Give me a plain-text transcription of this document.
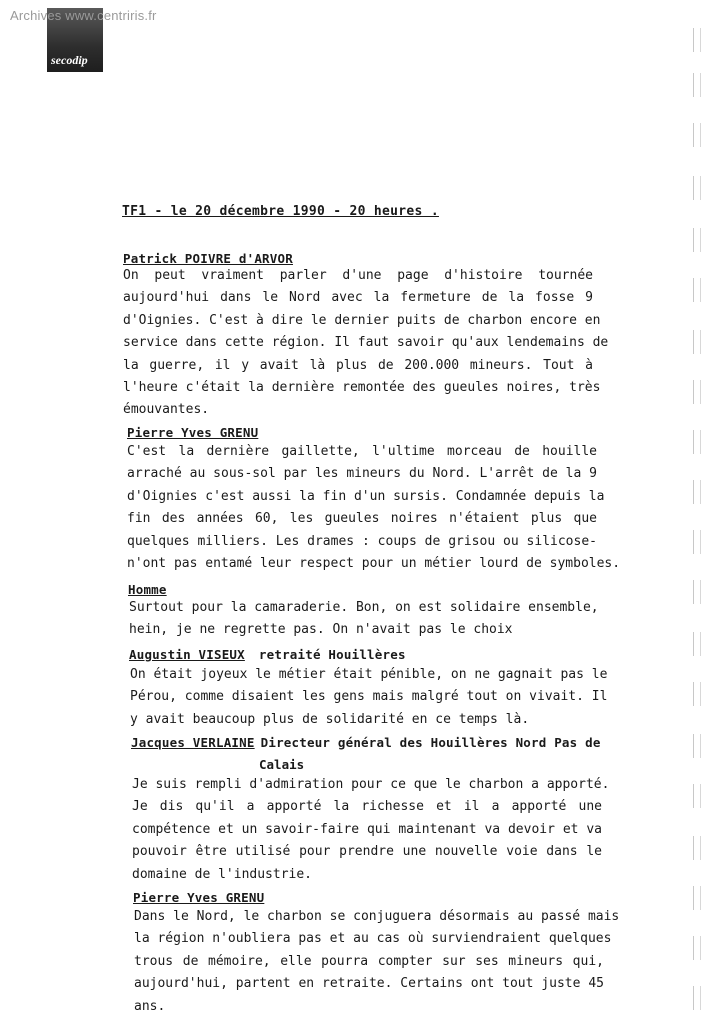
Archives www.centriris.fr
secodip
TF1 - le 20 décembre 1990 - 20 heures .
Patrick POIVRE d'ARVOR
On peut vraiment parler d'une page d'histoire tournée
aujourd'hui dans le Nord avec la fermeture de la fosse 9
d'Oignies. C'est à dire le dernier puits de charbon encore en
service dans cette région. Il faut savoir qu'aux lendemains de
la guerre, il y avait là plus de 200.000 mineurs. Tout à
l'heure c'était la dernière remontée des gueules noires, très
émouvantes.
Pierre Yves GRENU
C'est la dernière gaillette, l'ultime morceau de houille
arraché au sous-sol par les mineurs du Nord. L'arrêt de la 9
d'Oignies c'est aussi la fin d'un sursis. Condamnée depuis la
fin des années 60, les gueules noires n'étaient plus que
quelques milliers. Les drames : coups de grisou ou silicose-
n'ont pas entamé leur respect pour un métier lourd de symboles.
Homme
Surtout pour la camaraderie. Bon, on est solidaire ensemble,
hein, je ne regrette pas. On n'avait pas le choix
Augustin VISEUX retraité Houillères
On était joyeux le métier était pénible, on ne gagnait pas le
Pérou, comme disaient les gens mais malgré tout on vivait. Il
y avait beaucoup plus de solidarité en ce temps là.
Jacques VERLAINE Directeur général des Houillères Nord Pas de
Calais
Je suis rempli d'admiration pour ce que le charbon a apporté.
Je dis qu'il a apporté la richesse et il a apporté une
compétence et un savoir-faire qui maintenant va devoir et va
pouvoir être utilisé pour prendre une nouvelle voie dans le
domaine de l'industrie.
Pierre Yves GRENU
Dans le Nord, le charbon se conjuguera désormais au passé mais
la région n'oubliera pas et au cas où surviendraient quelques
trous de mémoire, elle pourra compter sur ses mineurs qui,
aujourd'hui, partent en retraite. Certains ont tout juste 45
ans.
